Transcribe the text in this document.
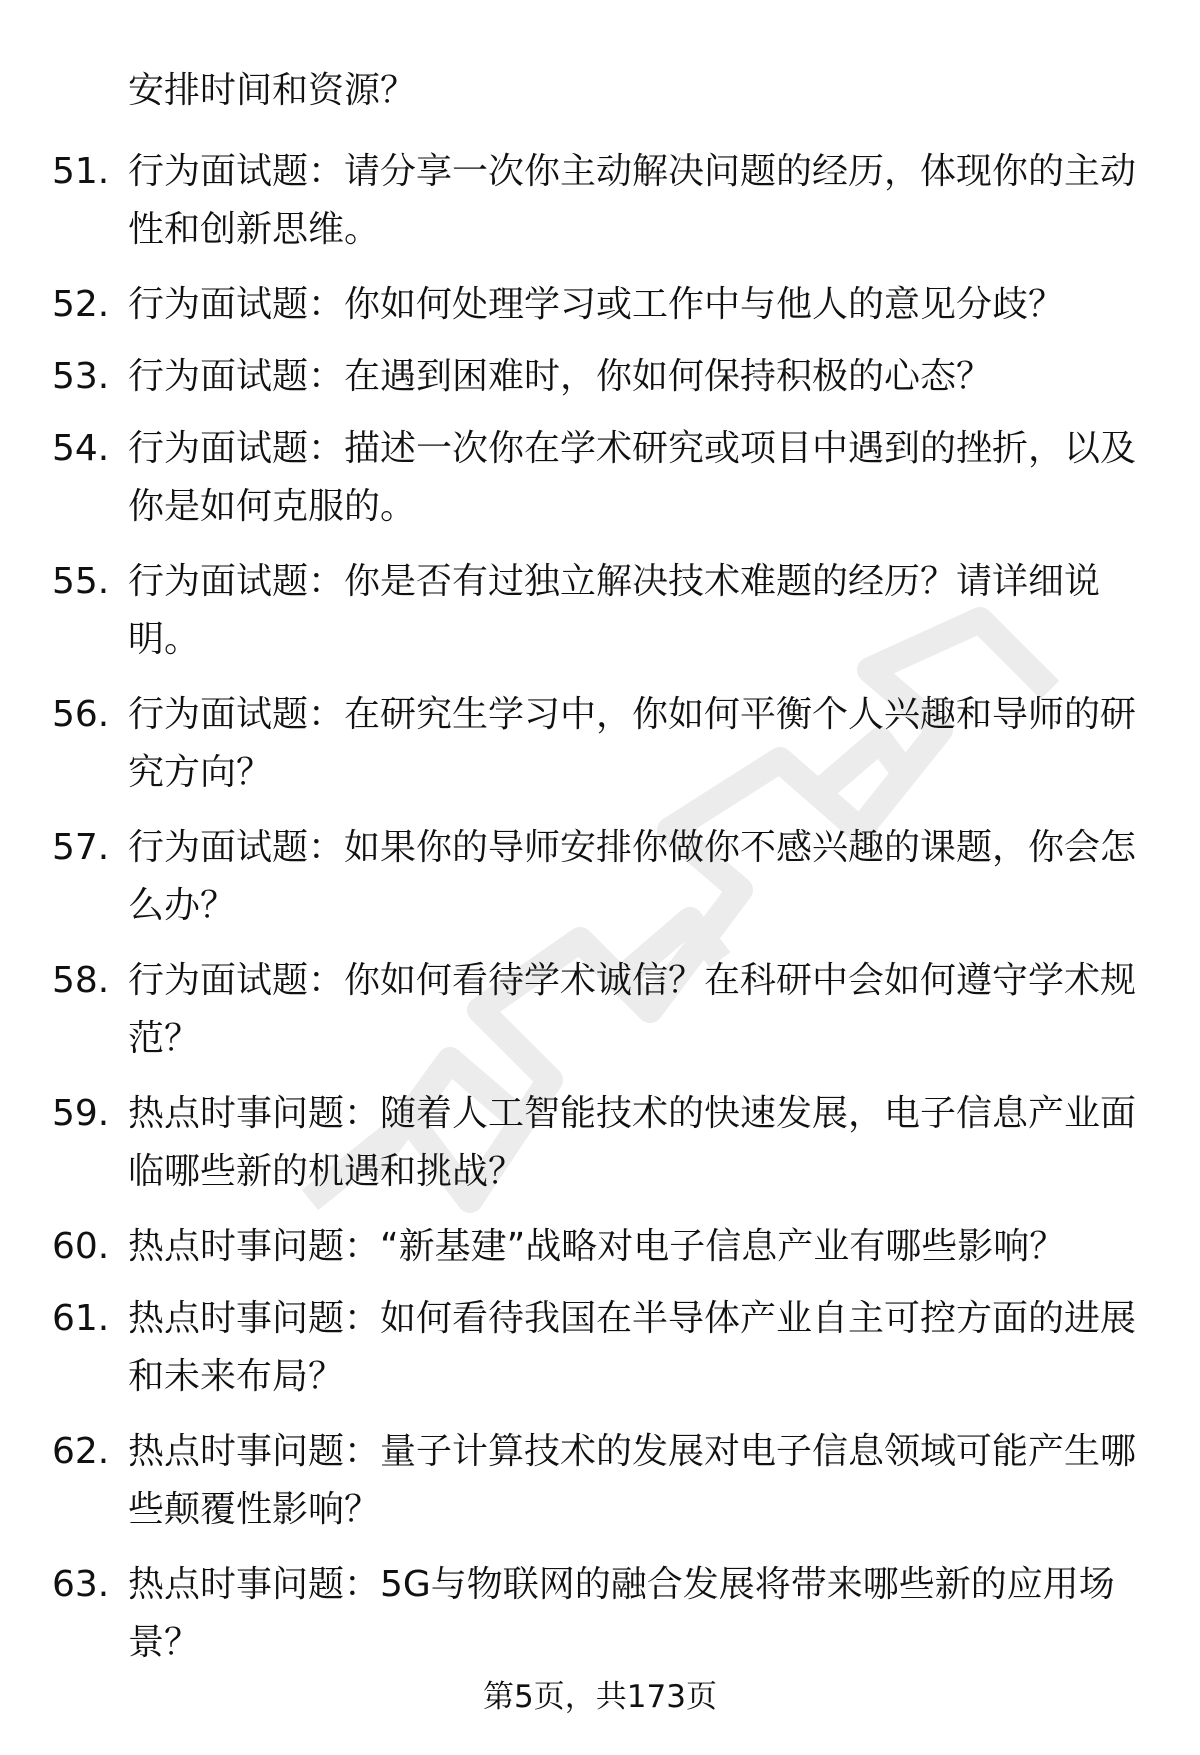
安排时间和资源？
51. 行为面试题：请分享一次你主动解决问题的经历，体现你的主动
性和创新思维。
52. 行为面试题：你如何处理学习或工作中与他人的意见分歧？
53. 行为面试题：在遇到困难时，你如何保持积极的心态？
54. 行为面试题：描述一次你在学术研究或项目中遇到的挫折，以及
你是如何克服的。
55. 行为面试题：你是否有过独立解决技术难题的经历？请详细说
明。
56. 行为面试题：在研究生学习中，你如何平衡个人兴趣和导师的研
究方向？
57. 行为面试题：如果你的导师安排你做你不感兴趣的课题，你会怎
么办？
58. 行为面试题：你如何看待学术诚信？在科研中会如何遵守学术规
范？
59. 热点时事问题：随着人工智能技术的快速发展，电子信息产业面
临哪些新的机遇和挑战？
60. 热点时事问题：“新基建”战略对电子信息产业有哪些影响？
61. 热点时事问题：如何看待我国在半导体产业自主可控方面的进展
和未来布局？
62. 热点时事问题：量子计算技术的发展对电子信息领域可能产生哪
些颠覆性影响？
63. 热点时事问题：5G与物联网的融合发展将带来哪些新的应用场
景？
第5页，共173页
